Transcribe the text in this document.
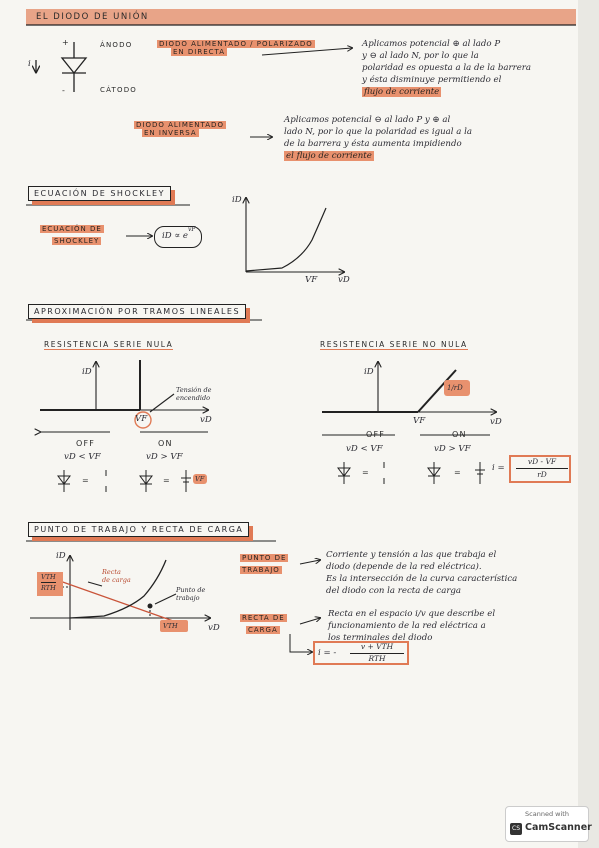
EL DIODO DE UNIÓN
ÁNODO
CÁTODO
+
-
i
DIODO ALIMENTADO / POLARIZADO
EN DIRECTA
Aplicamos potencial ⊕ al lado P
y ⊖ al lado N, por lo que la
polaridad es opuesta a la de la barrera
y ésta disminuye permitiendo el
flujo de corriente
DIODO ALIMENTADO
EN INVERSA
Aplicamos potencial ⊖ al lado P y ⊕ al
lado N, por lo que la polaridad es igual a la
de la barrera y ésta aumenta impidiendo
el flujo de corriente
ECUACIÓN DE SHOCKLEY
ECUACIÓN DE
SHOCKLEY	iD ∝ e
vF
iD
vD
VF
APROXIMACIÓN POR TRAMOS LINEALES
RESISTENCIA SERIE NULA
iD
vD
VF
Tensión de
encendido
OFF	ON
vD < VF	vD > VF
=	=	VF
RESISTENCIA SERIE NO NULA
iD
vD
VF
1/rD
OFF	ON
vD < VF	vD > VF
=	=	i =
vD - VF
rD
PUNTO DE TRABAJO Y RECTA DE CARGA
iD
vD
VTH
RTH
VTH
Recta
de carga
Punto de
trabajo
PUNTO DE
TRABAJO
Corriente y tensión a las que trabaja el
diodo (depende de la red eléctrica).
Es la intersección de la curva característica
del diodo con la recta de carga
RECTA DE
CARGA
Recta en el espacio i/v que describe el
funcionamiento de la red eléctrica a
los terminales del diodo
i = -
v + VTH
RTH
Scanned with
CS CamScanner
